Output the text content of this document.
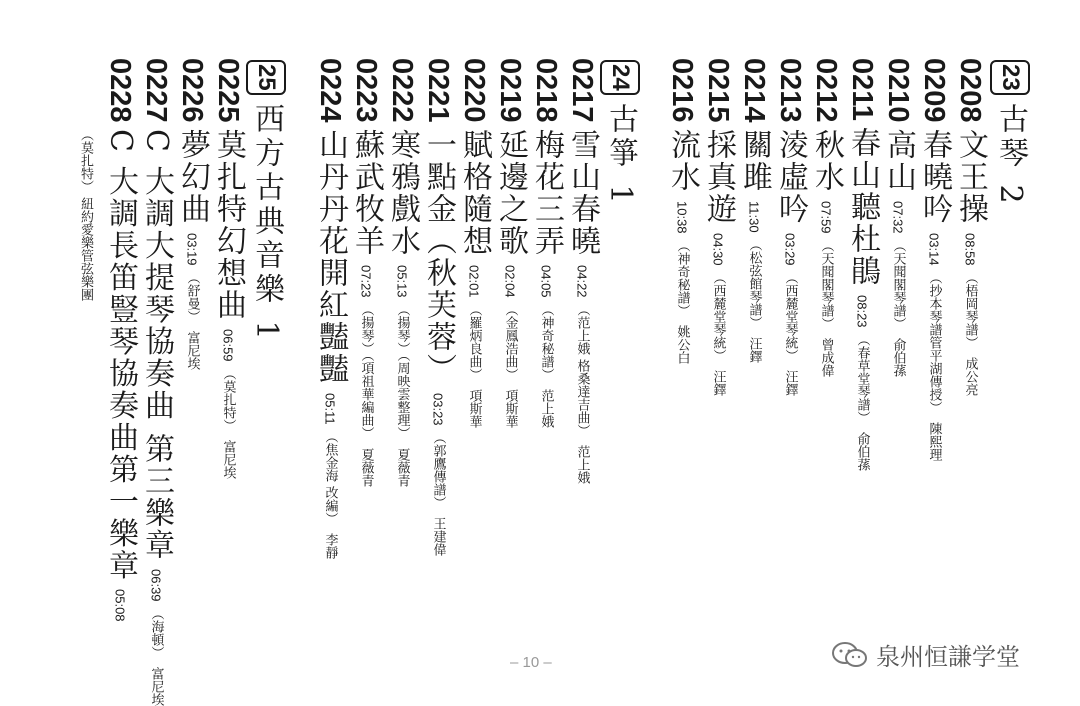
23
古琴 2
0208
文王操
08:58
（梧岡琴譜）
成公亮
0209
春曉吟
03:14
（抄本琴譜管平湖傳授）
陳熙理
0210
高山
07:32
（天聞閣琴譜）
俞伯蓀
0211
春山聽杜鵑
08:23
（春草堂琴譜）
俞伯蓀
0212
秋水
07:59
（天聞閣琴譜）
曾成偉
0213
淩虛吟
03:29
（西麓堂琴統）
汪鐸
0214
關雎
11:30
（松弦館琴譜）
汪鐸
0215
採真遊
04:30
（西麓堂琴統）
汪鐸
0216
流水
10:38
（神奇秘譜）
姚公白
24
古箏 1
0217
雪山春曉
04:22
（范上娥 格桑達吉曲）
范上娥
0218
梅花三弄
04:05
（神奇秘譜）
范上娥
0219
延邊之歌
02:04
（金鳳浩曲）
項斯華
0220
賦格隨想
02:01
（羅炳良曲）
項斯華
0221
一點金（秋芙蓉）
03:23
（郭鷹傳譜）
王建偉
0222
寒鴉戲水
05:13
（揚琴）（周映雲整理）
夏薇青
0223
蘇武牧羊
07:23
（揚琴）（項祖華編曲）
夏薇青
0224
山丹丹花開紅豔豔
05:11
（焦金海 改編）
李靜
25
西方古典音樂 1
0225
莫扎特幻想曲
06:59
（莫扎特）
富尼埃
0226
夢幻曲
03:19
（舒曼）
富尼埃
0227
C 大調大提琴協奏曲 第三樂章
06:39
（海頓）
富尼埃
0228
C 大調長笛豎琴協奏曲第一樂章
05:08
（莫扎特） 紐約愛樂管弦樂團
– 10 –	泉州恒謙学堂
